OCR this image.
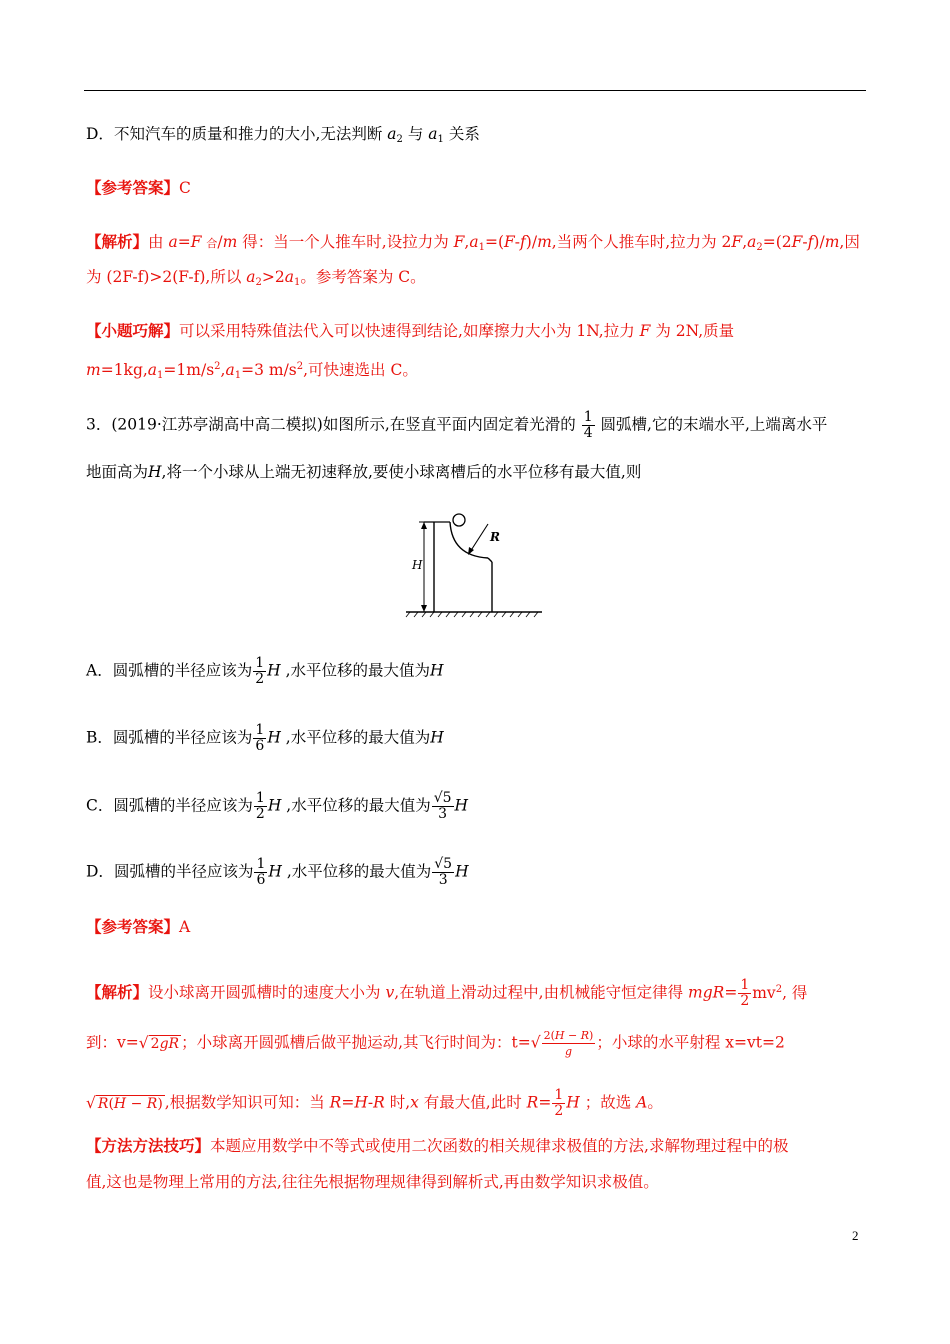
D．不知汽车的质量和推力的大小,无法判断 $a_2$ 与 $a_1$ 关系
【参考答案】C
【解析】由 a=F 合/m 得：当一个人推车时,设拉力为 $F,a_1=(F-f)/m$,当两个人推车时,拉力为 $2F,a_2=(2F-f)/m$,因
为 (2F-f)>2(F-f),所以 $a_2>2a_1$。参考答案为 C。
【小题巧解】可以采用特殊值法代入可以快速得到结论,如摩擦力大小为 1N,拉力 F 为 2N,质量
$m=1kg,a_1=1m/s^2,a_1=3$ $m/s^2$,可快速选出 C。
3．(2019·江苏亭湖高中高二模拟)如图所示,在竖直平面内固定着光滑的 $\frac{1}{4}$ 圆弧槽,它的末端水平,上端离水平
地面高为H,将一个小球从上端无初速释放,要使小球离槽后的水平位移有最大值,则
R
H
A．圆弧槽的半径应该为 $\frac{1}{2}$ H ,水平位移的最大值为H
B．圆弧槽的半径应该为 $\frac{1}{6}$ H ,水平位移的最大值为H
C．圆弧槽的半径应该为 $\frac{1}{2}$ H ,水平位移的最大值为 $\frac{√5}{3}$ H
D．圆弧槽的半径应该为 $\frac{1}{6}$ H ,水平位移的最大值为 $\frac{√5}{3}$ H
【参考答案】A
【解析】设小球离开圆弧槽时的速度大小为 v,在轨道上滑动过程中,由机械能守恒定律得 $mgR= \frac{1}{2} mv^2$, 得
到：v=√ 2gR ；小球离开圆弧槽后做平抛运动,其飞行时间为：$t=√ \frac{2(H - R)}{g}$ ；小球的水平射程 x=vt=2
√ R(H − R) ,根据数学知识可知：当 R=H-R 时,x 有最大值,此时 $R= \frac{1}{2}$ H ；故选 A。
【方法方法技巧】本题应用数学中不等式或使用二次函数的相关规律求极值的方法,求解物理过程中的极
值,这也是物理上常用的方法,往往先根据物理规律得到解析式,再由数学知识求极值。
2
